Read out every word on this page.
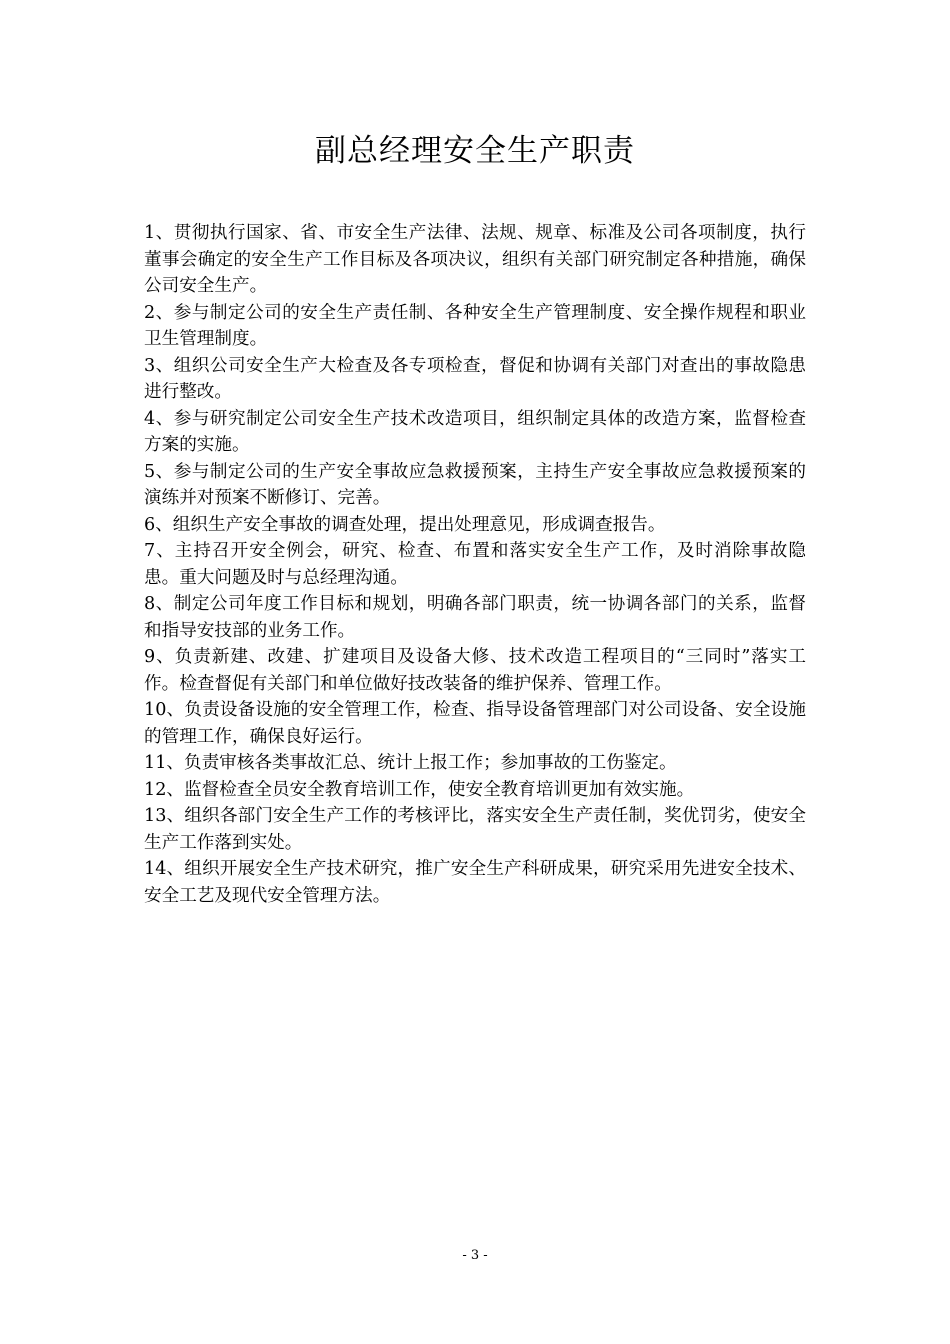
副总经理安全生产职责

1、贯彻执行国家、省、市安全生产法律、法规、规章、标准及公司各项制度，执行董事会确定的安全生产工作目标及各项决议，组织有关部门研究制定各种措施，确保公司安全生产。

2、参与制定公司的安全生产责任制、各种安全生产管理制度、安全操作规程和职业卫生管理制度。

3、组织公司安全生产大检查及各专项检查，督促和协调有关部门对查出的事故隐患进行整改。

4、参与研究制定公司安全生产技术改造项目，组织制定具体的改造方案，监督检查方案的实施。

5、参与制定公司的生产安全事故应急救援预案，主持生产安全事故应急救援预案的演练并对预案不断修订、完善。

6、组织生产安全事故的调查处理，提出处理意见，形成调查报告。

7、主持召开安全例会，研究、检查、布置和落实安全生产工作，及时消除事故隐患。重大问题及时与总经理沟通。

8、制定公司年度工作目标和规划，明确各部门职责，统一协调各部门的关系，监督和指导安技部的业务工作。

9、负责新建、改建、扩建项目及设备大修、技术改造工程项目的“三同时”落实工作。检查督促有关部门和单位做好技改装备的维护保养、管理工作。

10、负责设备设施的安全管理工作，检查、指导设备管理部门对公司设备、安全设施的管理工作，确保良好运行。

11、负责审核各类事故汇总、统计上报工作；参加事故的工伤鉴定。

12、监督检查全员安全教育培训工作，使安全教育培训更加有效实施。

13、组织各部门安全生产工作的考核评比，落实安全生产责任制，奖优罚劣，使安全生产工作落到实处。

14、组织开展安全生产技术研究，推广安全生产科研成果，研究采用先进安全技术、安全工艺及现代安全管理方法。

- 3 -
